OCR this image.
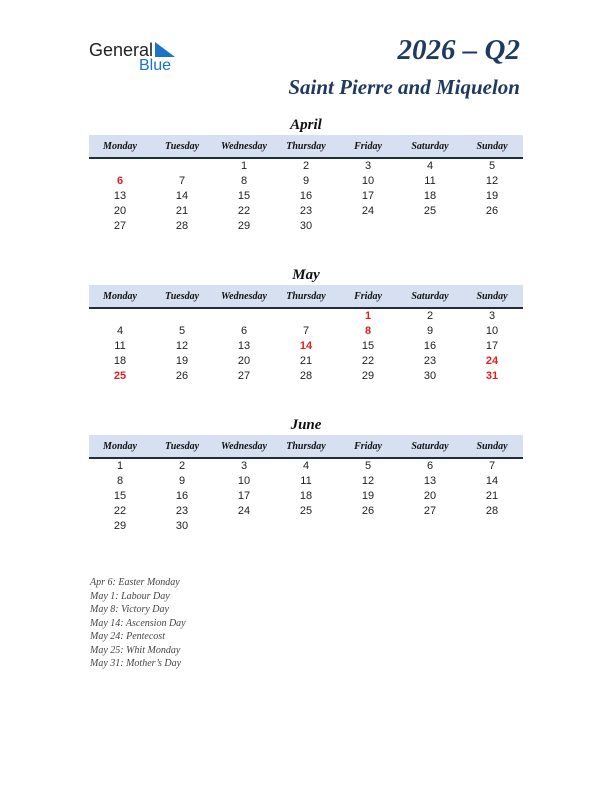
General
Blue	2026 – Q2
Saint Pierre and Miquelon
April
Monday	Tuesday	Wednesday	Thursday	Friday	Saturday	Sunday
		1	2	3	4	5
6	7	8	9	10	11	12
13	14	15	16	17	18	19
20	21	22	23	24	25	26
27	28	29	30			
May
Monday	Tuesday	Wednesday	Thursday	Friday	Saturday	Sunday
				1	2	3
4	5	6	7	8	9	10
11	12	13	14	15	16	17
18	19	20	21	22	23	24
25	26	27	28	29	30	31
June
Monday	Tuesday	Wednesday	Thursday	Friday	Saturday	Sunday
1	2	3	4	5	6	7
8	9	10	11	12	13	14
15	16	17	18	19	20	21
22	23	24	25	26	27	28
29	30					
Apr 6: Easter Monday
May 1: Labour Day
May 8: Victory Day
May 14: Ascension Day
May 24: Pentecost
May 25: Whit Monday
May 31: Mother’s Day
